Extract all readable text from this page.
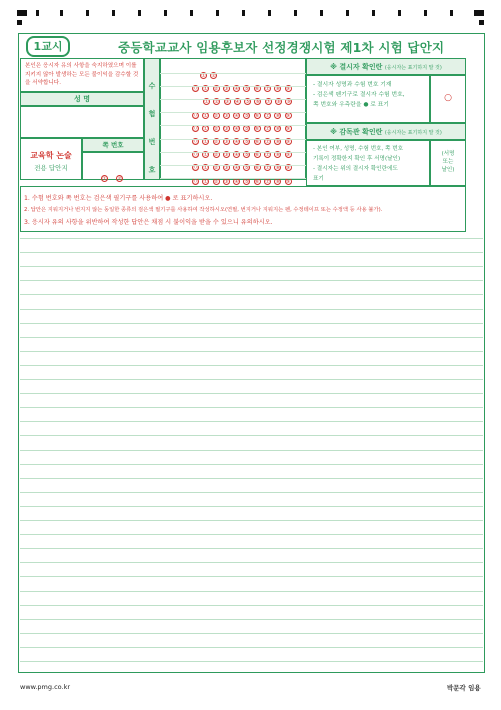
1교시	중등학교교사 임용후보자 선정경쟁시험 제1차 시험 답안지
본인은 응시자 유의 사항을 숙지하였으며 이를 지키지 않아 발생하는 모든 불이익을 감수할 것을 서약합니다.
성 명
교육학 논술
전용 답안지
쪽 번호
① ②
수
험
번
호
① ②
⓪ ① ② ③ ④ ⑤ ⑥ ⑦ ⑧ ⑨
① ② ③ ④ ⑤ ⑥ ⑦ ⑧ ⑨
⓪ ① ② ③ ④ ⑤ ⑥ ⑦ ⑧ ⑨
⓪ ① ② ③ ④ ⑤ ⑥ ⑦ ⑧ ⑨
⓪ ① ② ③ ④ ⑤ ⑥ ⑦ ⑧ ⑨
⓪ ① ② ③ ④ ⑤ ⑥ ⑦ ⑧ ⑨
⓪ ① ② ③ ④ ⑤ ⑥ ⑦ ⑧ ⑨
⓪ ① ② ③ ④ ⑤ ⑥ ⑦ ⑧ ⑨
※ 결시자 확인란 (응시자는 표기하지 말 것)
- 결시자 성명과 수험 번호 기재
- 검은색 펜기구로 결시자 수험 번호,
쪽 번호와 우측란을 ● 로 표기
○
※ 감독관 확인란 (응시자는 표기하지 말 것)
- 본인 여부, 성명, 수험 번호, 쪽 번호
기록이 정확한지 확인 후 서명(날인)
- 결시자는 위의 결시자 확인란에도
표기
(서명
또는
날인)
1. 수험 번호와 쪽 번호는 검은색 필기구를 사용하여 ● 로 표기하시오.
2. 답안은 지워지거나 번지지 않는 동일한 종류의 검은색 필기구를 사용하여 작성하시오(연필, 번지거나 지워지는 펜, 수정테이프 또는 수정액 등 사용 불가).
3. 응시자 유의 사항을 위반하여 작성한 답안은 채점 시 불이익을 받을 수 있으니 유의하시오.
www.pmg.co.kr	박문각 임용
